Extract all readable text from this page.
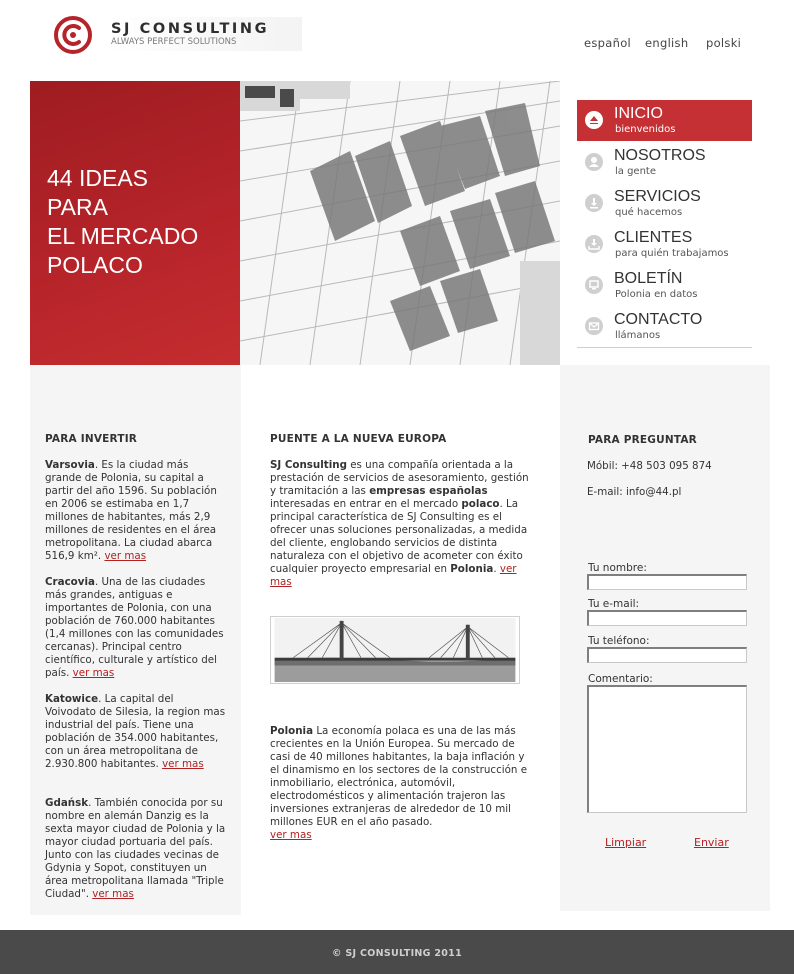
SJ CONSULTING
ALWAYS PERFECT SOLUTIONS	español english polski
44 IDEAS
PARA
EL MERCADO
POLACO
INICIO
bienvenidos
NOSOTROS
la gente
SERVICIOS
qué hacemos
CLIENTES
para quién trabajamos
BOLETÍN
Polonia en datos
CONTACTO
llámanos
PARA INVERTIR
Varsovia. Es la ciudad más grande de Polonia, su capital a partir del año 1596. Su población en 2006 se estimaba en 1,7 millones de habitantes, más 2,9 millones de residentes en el área metropolitana. La ciudad abarca 516,9 km². ver mas
Cracovia. Una de las ciudades más grandes, antiguas e importantes de Polonia, con una población de 760.000 habitantes (1,4 millones con las comunidades cercanas). Principal centro científico, culturale y artístico del país. ver mas
Katowice. La capital del Voivodato de Silesia, la region mas industrial del país. Tiene una población de 354.000 habitantes, con un área metropolitana de 2.930.800 habitantes. ver mas
Gdańsk. También conocida por su nombre en alemán Danzig es la sexta mayor ciudad de Polonia y la mayor ciudad portuaria del país. Junto con las ciudades vecinas de Gdynia y Sopot, constituyen un área metropolitana llamada "Triple Ciudad". ver mas
PUENTE A LA NUEVA EUROPA
SJ Consulting es una compañía orientada a la prestación de servicios de asesoramiento, gestión y tramitación a las empresas españolas interesadas en entrar en el mercado polaco. La principal característica de SJ Consulting es el ofrecer unas soluciones personalizadas, a medida del cliente, englobando servicios de distinta naturaleza con el objetivo de acometer con éxito cualquier proyecto empresarial en Polonia. ver mas
Polonia La economía polaca es una de las más crecientes en la Unión Europea. Su mercado de casi de 40 millones habitantes, la baja inflación y el dinamismo en los sectores de la construcción e inmobiliario, electrónica, automóvil, electrodomésticos y alimentación trajeron las inversiones extranjeras de alrededor de 10 mil millones EUR en el año pasado.
ver mas
PARA PREGUNTAR
Móbil: +48 503 095 874
E-mail: info@44.pl
Tu nombre:
Tu e-mail:
Tu teléfono:
Comentario:
Limpiar	Enviar
© SJ CONSULTING 2011
